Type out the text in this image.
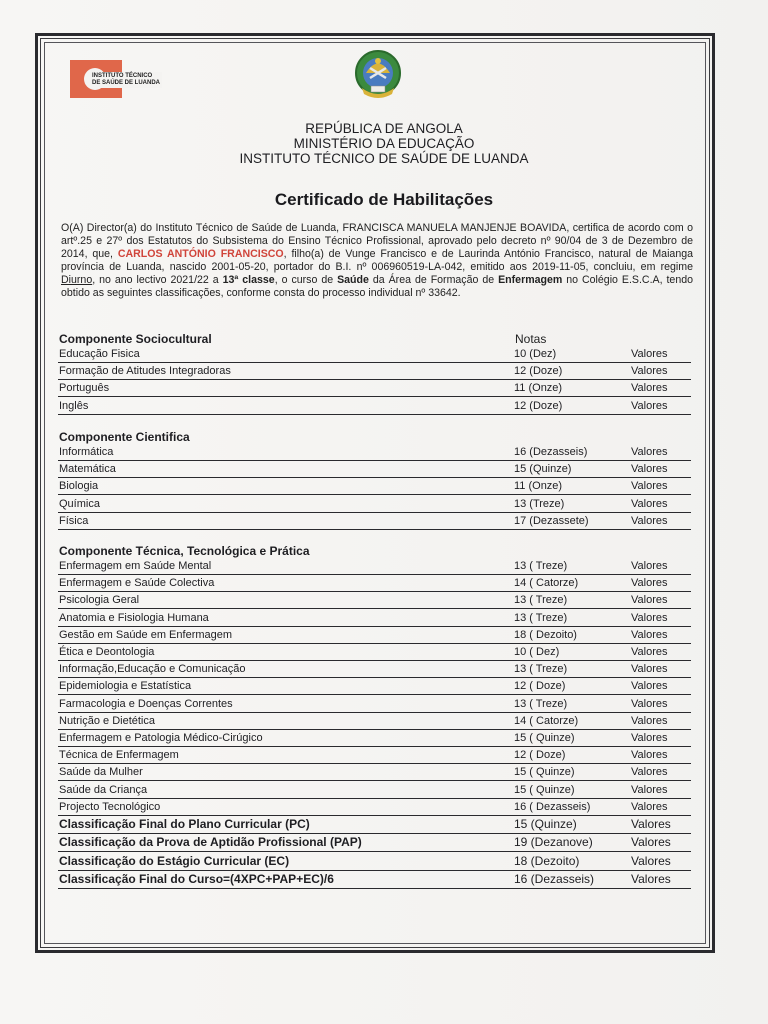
INSTITUTO TÉCNICO
DE SAÚDE DE LUANDA
REPÚBLICA DE ANGOLA
MINISTÉRIO DA EDUCAÇÃO
INSTITUTO TÉCNICO DE SAÚDE DE LUANDA
Certificado de Habilitações
O(A) Director(a) do Instituto Técnico de Saúde de Luanda, FRANCISCA MANUELA MANJENJE BOAVIDA, certifica de acordo com o artº.25 e 27º dos Estatutos do Subsistema do Ensino Técnico Profissional, aprovado pelo decreto nº 90/04 de 3 de Dezembro de 2014, que, CARLOS ANTÓNIO FRANCISCO, filho(a) de Vunge Francisco e de Laurinda António Francisco, natural de Maianga província de Luanda, nascido 2001-05-20, portador do B.I. nº 006960519-LA-042, emitido aos 2019-11-05, concluiu, em regime Diurno, no ano lectivo 2021/22 a 13ª classe, o curso de Saúde da Área de Formação de Enfermagem no Colégio E.S.C.A, tendo obtido as seguintes classificações, conforme consta do processo individual nº 33642.
Notas
Componente Sociocultural
Componente Cientifica
Componente Técnica, Tecnológica e Prática
Educação Fisica	10 (Dez)	Valores
Formação de Atitudes Integradoras	12 (Doze)	Valores
Português	11 (Onze)	Valores
Inglês	12 (Doze)	Valores
Informática	16 (Dezasseis)	Valores
Matemática	15 (Quinze)	Valores
Biologia	11 (Onze)	Valores
Química	13 (Treze)	Valores
Física	17 (Dezassete)	Valores
Enfermagem em Saúde Mental	13 ( Treze)	Valores
Enfermagem e Saúde Colectiva	14 ( Catorze)	Valores
Psicologia Geral	13 ( Treze)	Valores
Anatomia e Fisiologia Humana	13 ( Treze)	Valores
Gestão em Saúde em Enfermagem	18 ( Dezoito)	Valores
Ética e Deontologia	10 ( Dez)	Valores
Informação,Educação e Comunicação	13 ( Treze)	Valores
Epidemiologia e Estatística	12 ( Doze)	Valores
Farmacologia e Doenças Correntes	13 ( Treze)	Valores
Nutrição e Dietética	14 ( Catorze)	Valores
Enfermagem e Patologia Médico-Cirúgico	15 ( Quinze)	Valores
Técnica de Enfermagem	12 ( Doze)	Valores
Saúde da Mulher	15 ( Quinze)	Valores
Saúde da Criança	15 ( Quinze)	Valores
Projecto Tecnológico	16 ( Dezasseis)	Valores
Classificação Final do Plano Curricular (PC)	15 (Quinze)	Valores
Classificação da Prova de Aptidão Profissional (PAP)	19 (Dezanove)	Valores
Classificação do Estágio Curricular (EC)	18 (Dezoito)	Valores
Classificação Final do Curso=(4XPC+PAP+EC)/6	16 (Dezasseis)	Valores
